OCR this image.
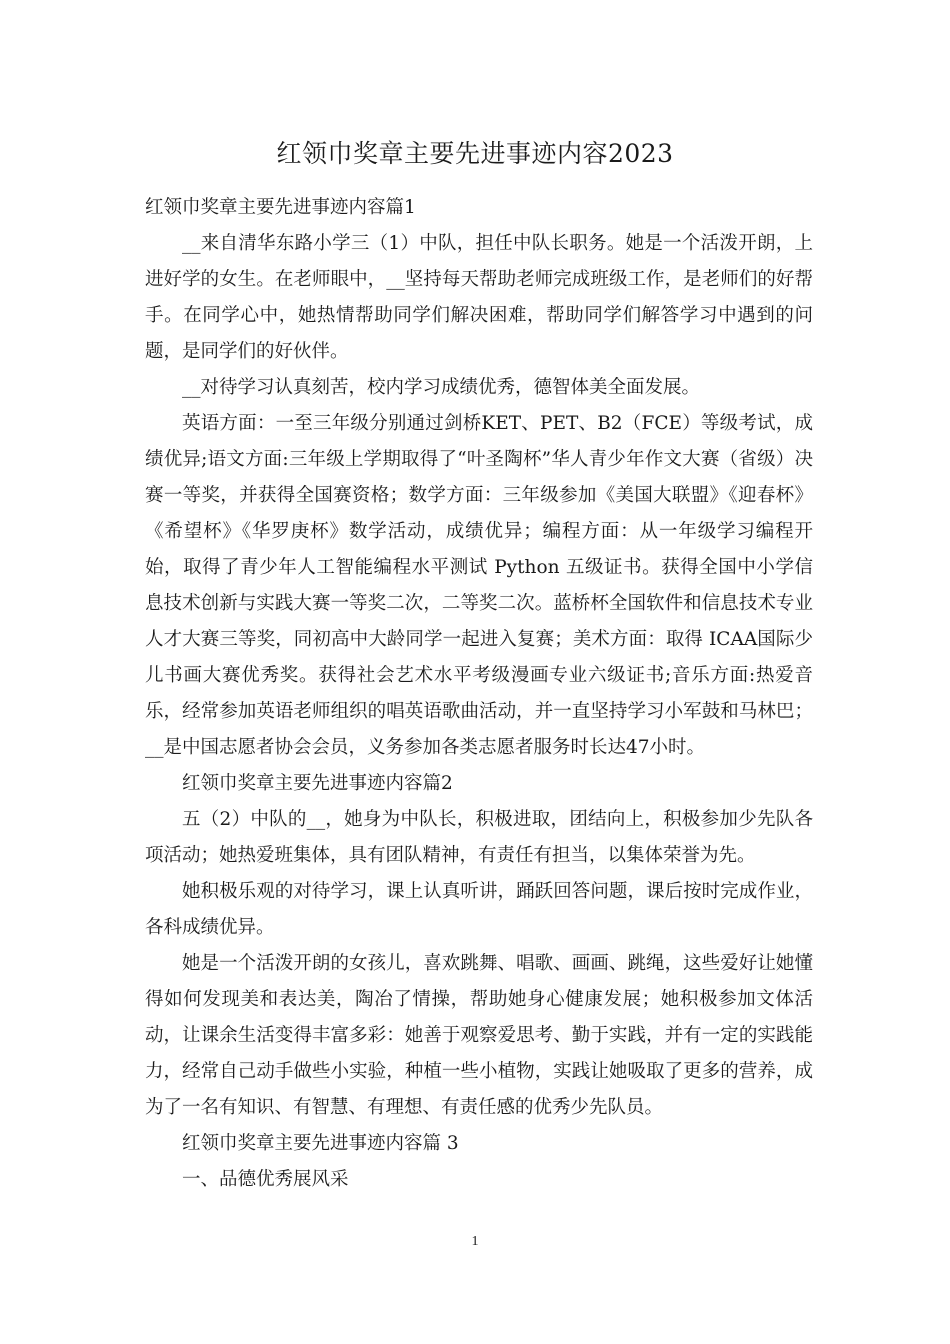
红领巾奖章主要先进事迹内容2023

红领巾奖章主要先进事迹内容篇1

__来自清华东路小学三（1）中队，担任中队长职务。她是一个活泼开朗，上进好学的女生。在老师眼中，__坚持每天帮助老师完成班级工作，是老师们的好帮手。在同学心中，她热情帮助同学们解决困难，帮助同学们解答学习中遇到的问题，是同学们的好伙伴。

__对待学习认真刻苦，校内学习成绩优秀，德智体美全面发展。

英语方面：一至三年级分别通过剑桥KET、PET、B2（FCE）等级考试，成绩优异;语文方面:三年级上学期取得了“叶圣陶杯”华人青少年作文大赛（省级）决赛一等奖，并获得全国赛资格；数学方面：三年级参加《美国大联盟》《迎春杯》《希望杯》《华罗庚杯》数学活动，成绩优异；编程方面：从一年级学习编程开始，取得了青少年人工智能编程水平测试 Python 五级证书。获得全国中小学信息技术创新与实践大赛一等奖二次，二等奖二次。蓝桥杯全国软件和信息技术专业人才大赛三等奖，同初高中大龄同学一起进入复赛；美术方面：取得 ICAA国际少儿书画大赛优秀奖。获得社会艺术水平考级漫画专业六级证书;音乐方面:热爱音乐，经常参加英语老师组织的唱英语歌曲活动，并一直坚持学习小军鼓和马林巴；__是中国志愿者协会会员，义务参加各类志愿者服务时长达47小时。

红领巾奖章主要先进事迹内容篇2

五（2）中队的__，她身为中队长，积极进取，团结向上，积极参加少先队各项活动；她热爱班集体，具有团队精神，有责任有担当，以集体荣誉为先。

她积极乐观的对待学习，课上认真听讲，踊跃回答问题，课后按时完成作业，各科成绩优异。

她是一个活泼开朗的女孩儿，喜欢跳舞、唱歌、画画、跳绳，这些爱好让她懂得如何发现美和表达美，陶冶了情操，帮助她身心健康发展；她积极参加文体活动，让课余生活变得丰富多彩：她善于观察爱思考、勤于实践，并有一定的实践能力，经常自己动手做些小实验，种植一些小植物，实践让她吸取了更多的营养，成为了一名有知识、有智慧、有理想、有责任感的优秀少先队员。

红领巾奖章主要先进事迹内容篇 3

一、品德优秀展风采

1
